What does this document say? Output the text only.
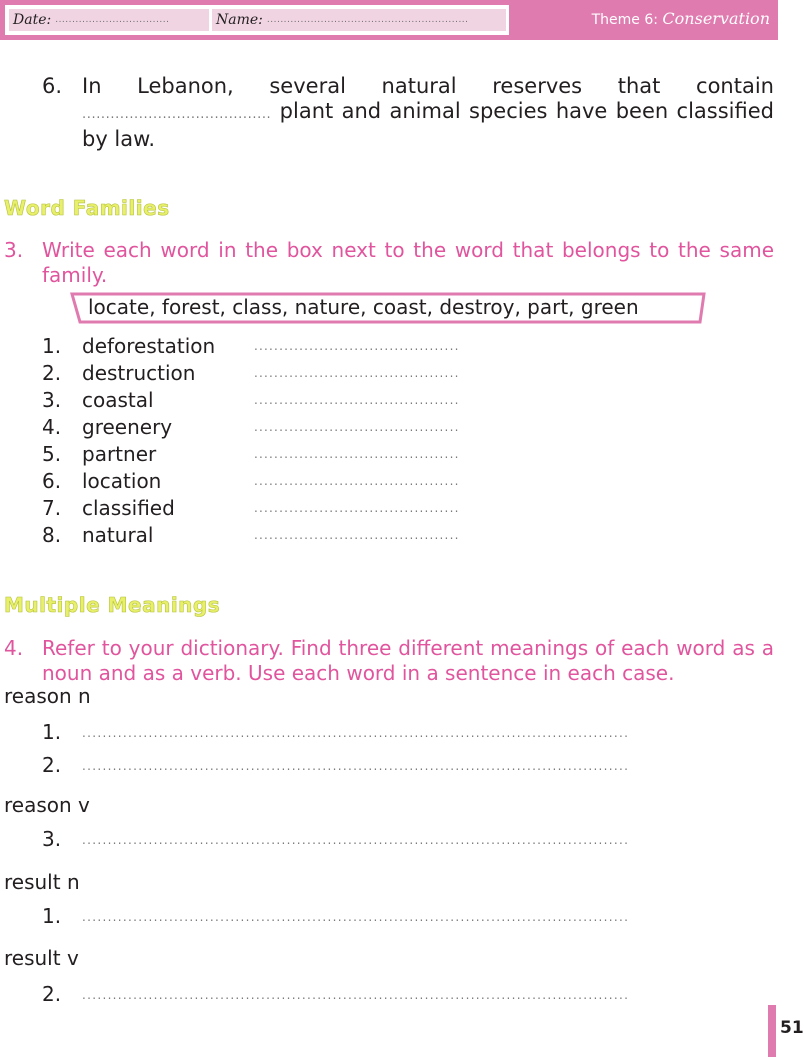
Date: ..................................	Name: ............................................................	Theme 6: Conservation
6. In Lebanon, several natural reserves that contain ........................................ plant and animal species have been classified by law.
Word Families
3. Write each word in the box next to the word that belongs to the same family.
locate, forest, class, nature, coast, destroy, part, green
1. deforestation	.........................................
2. destruction	.........................................
3. coastal	.........................................
4. greenery	.........................................
5. partner	.........................................
6. location	.........................................
7. classified	.........................................
8. natural	.........................................
Multiple Meanings
4. Refer to your dictionary. Find three different meanings of each word as a noun and as a verb. Use each word in a sentence in each case.
reason n
1. ...........................................................................................................
2. ...........................................................................................................
reason v
3. ...........................................................................................................
result n
1. ...........................................................................................................
result v
2. ...........................................................................................................
51
